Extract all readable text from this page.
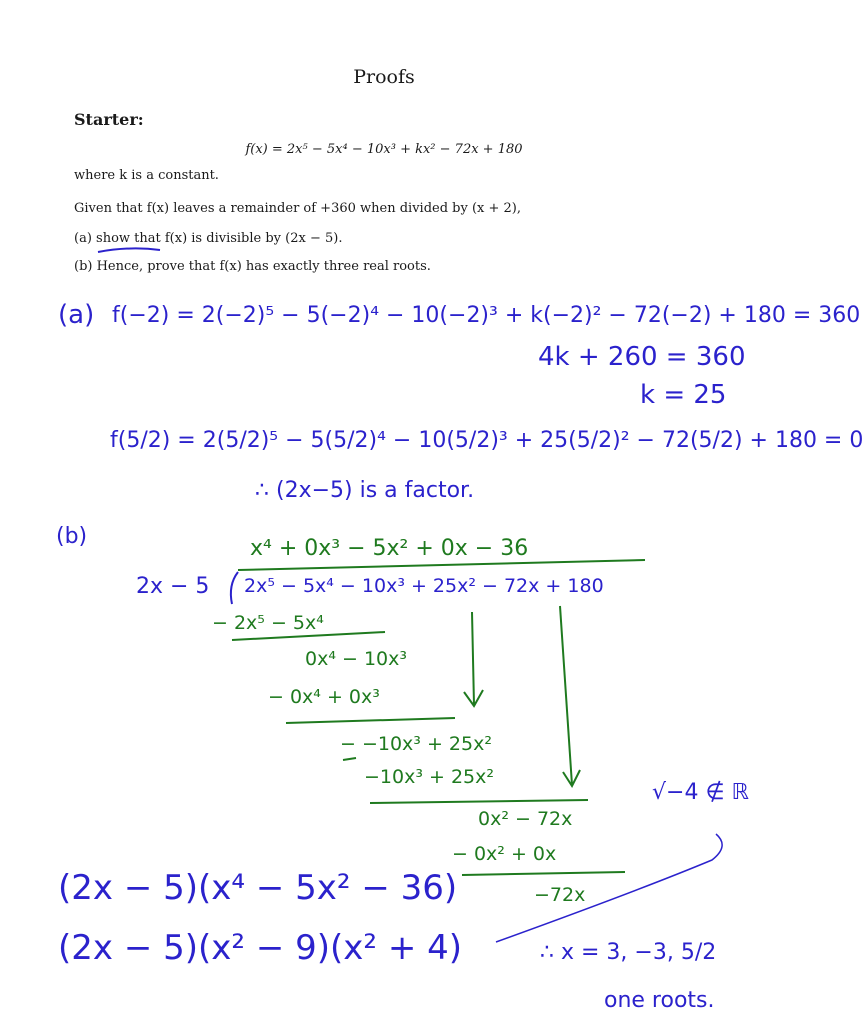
Proofs
Starter:
f(x) = 2x⁵ − 5x⁴ − 10x³ + kx² − 72x + 180
where k is a constant.
Given that f(x) leaves a remainder of +360 when divided by (x + 2),
(a) show that f(x) is divisible by (2x − 5).
(b) Hence, prove that f(x) has exactly three real roots.
(a) f(−2) = 2(−2)⁵ − 5(−2)⁴ − 10(−2)³ + k(−2)² − 72(−2) + 180 = 360
4k + 260 = 360
k = 25
f(5/2) = 2(5/2)⁵ − 5(5/2)⁴ − 10(5/2)³ + 25(5/2)² − 72(5/2) + 180 = 0
∴ (2x−5) is a factor.
(b)	x⁴ + 0x³ − 5x² + 0x − 36
2x − 5 2x⁵ − 5x⁴ − 10x³ + 25x² − 72x + 180
− 2x⁵ − 5x⁴
0x⁴ − 10x³
− 0x⁴ + 0x³
− −10x³ + 25x²
−10x³ + 25x²
0x² − 72x
− 0x² + 0x
−72x
√−4 ∉ ℝ
(2x − 5)(x⁴ − 5x² − 36)
(2x − 5)(x² − 9)(x² + 4)	∴ x = 3, −3, 5/2
one roots.
